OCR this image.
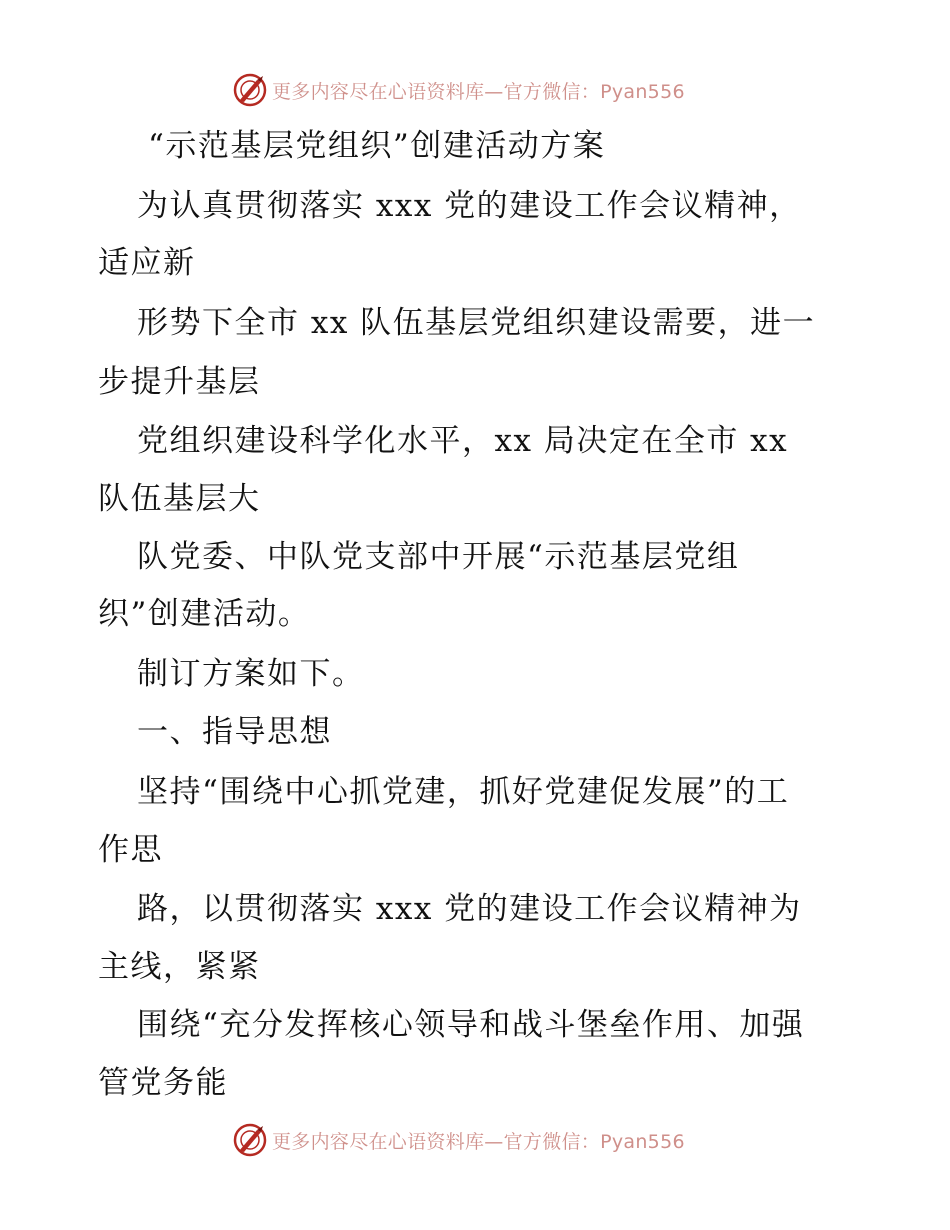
更多内容尽在心语资料库—官方微信：Pyan556
“示范基层党组织”创建活动方案
为认真贯彻落实 xxx 党的建设工作会议精神，
适应新
形势下全市 xx 队伍基层党组织建设需要，进一
步提升基层
党组织建设科学化水平，xx 局决定在全市 xx
队伍基层大
队党委、中队党支部中开展“示范基层党组
织”创建活动。
制订方案如下。
一、指导思想
坚持“围绕中心抓党建，抓好党建促发展”的工
作思
路，以贯彻落实 xxx 党的建设工作会议精神为
主线，紧紧
围绕“充分发挥核心领导和战斗堡垒作用、加强
管党务能
更多内容尽在心语资料库—官方微信：Pyan556
